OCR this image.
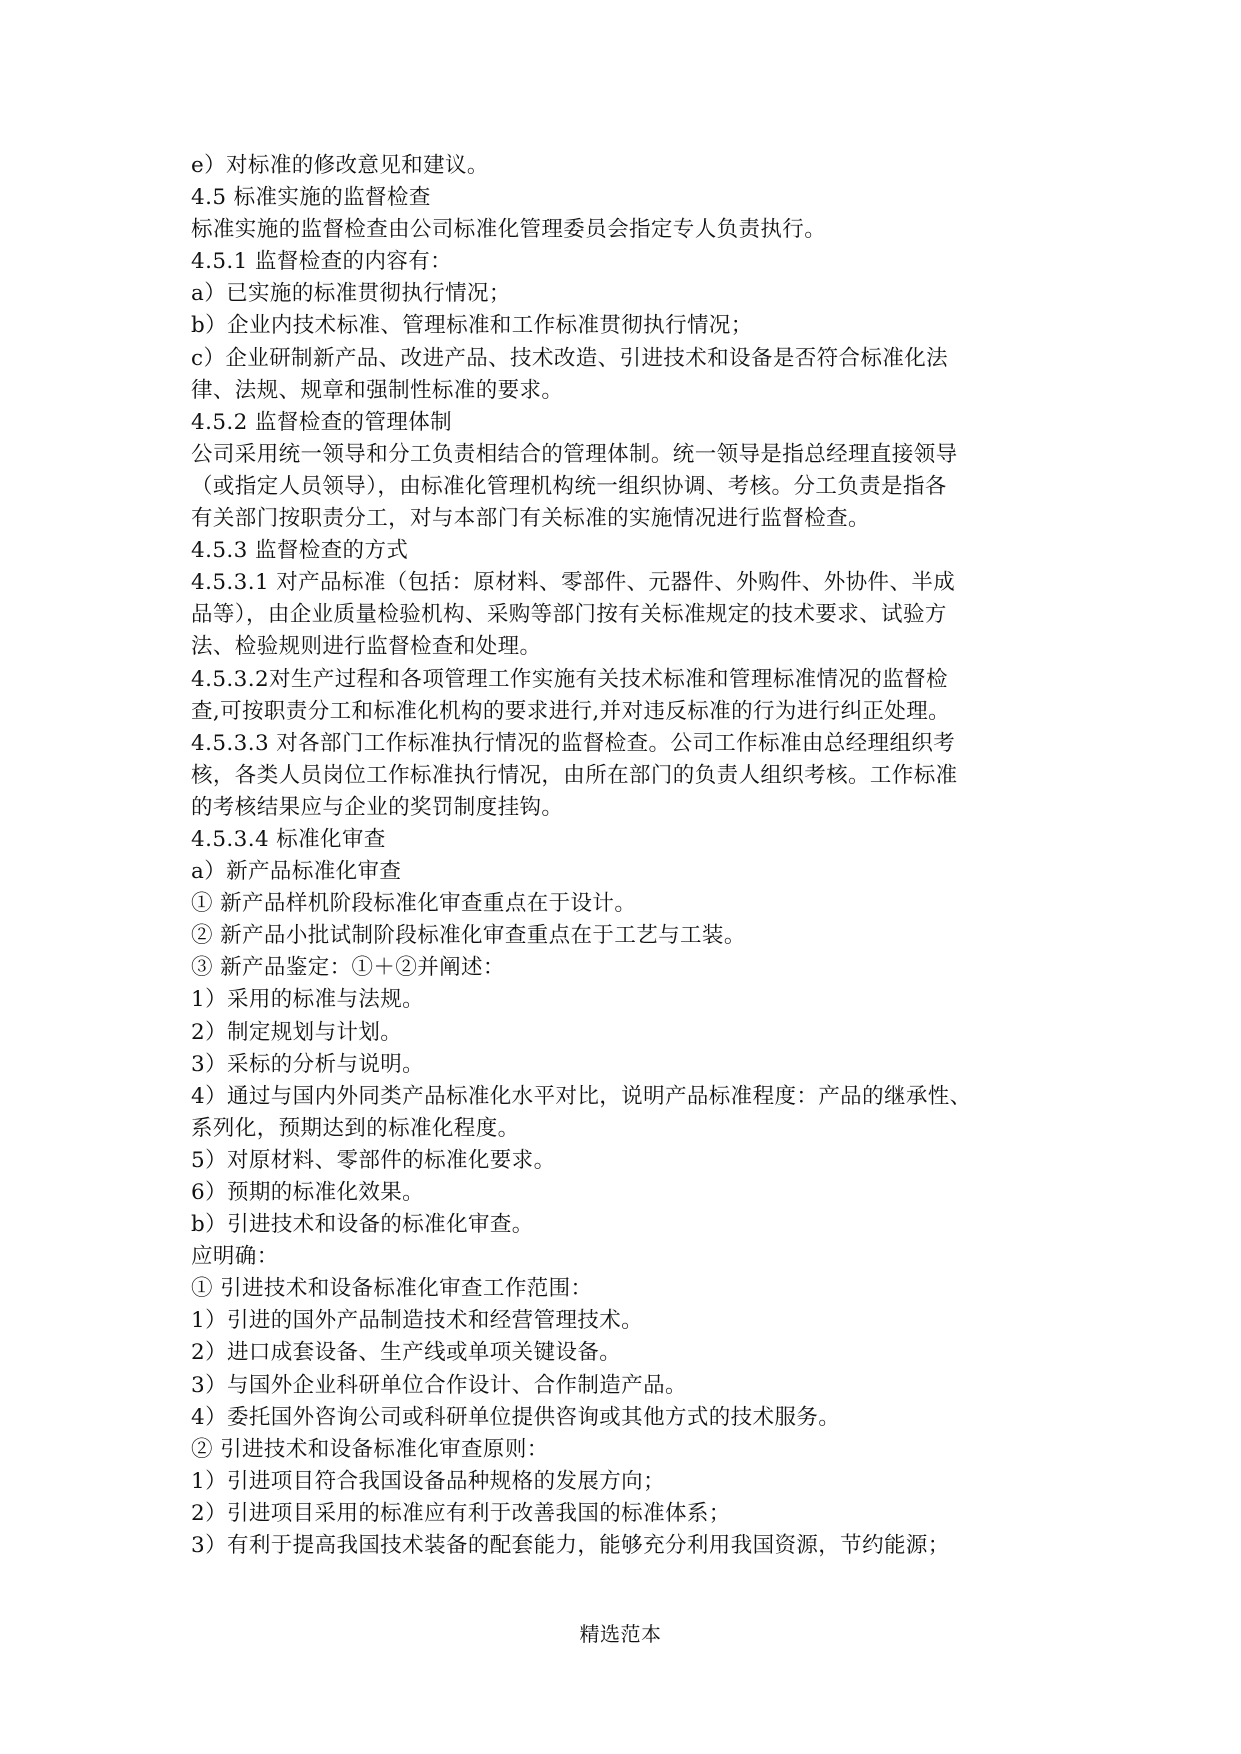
e）对标准的修改意见和建议。
4.5 标准实施的监督检查
标准实施的监督检查由公司标准化管理委员会指定专人负责执行。
4.5.1 监督检查的内容有：
a）已实施的标准贯彻执行情况；
b）企业内技术标准、管理标准和工作标准贯彻执行情况；
c）企业研制新产品、改进产品、技术改造、引进技术和设备是否符合标准化法
律、法规、规章和强制性标准的要求。
4.5.2 监督检查的管理体制
公司采用统一领导和分工负责相结合的管理体制。统一领导是指总经理直接领导
（或指定人员领导），由标准化管理机构统一组织协调、考核。分工负责是指各
有关部门按职责分工，对与本部门有关标准的实施情况进行监督检查。
4.5.3 监督检查的方式
4.5.3.1 对产品标准（包括：原材料、零部件、元器件、外购件、外协件、半成
品等），由企业质量检验机构、采购等部门按有关标准规定的技术要求、试验方
法、检验规则进行监督检查和处理。
4.5.3.2对生产过程和各项管理工作实施有关技术标准和管理标准情况的监督检
查,可按职责分工和标准化机构的要求进行,并对违反标准的行为进行纠正处理。
4.5.3.3 对各部门工作标准执行情况的监督检查。公司工作标准由总经理组织考
核，各类人员岗位工作标准执行情况，由所在部门的负责人组织考核。工作标准
的考核结果应与企业的奖罚制度挂钩。
4.5.3.4 标准化审查
a）新产品标准化审查
① 新产品样机阶段标准化审查重点在于设计。
② 新产品小批试制阶段标准化审查重点在于工艺与工装。
③ 新产品鉴定：①＋②并阐述：
1）采用的标准与法规。
2）制定规划与计划。
3）采标的分析与说明。
4）通过与国内外同类产品标准化水平对比，说明产品标准程度：产品的继承性、
系列化，预期达到的标准化程度。
5）对原材料、零部件的标准化要求。
6）预期的标准化效果。
b）引进技术和设备的标准化审查。
应明确：
① 引进技术和设备标准化审查工作范围：
1）引进的国外产品制造技术和经营管理技术。
2）进口成套设备、生产线或单项关键设备。
3）与国外企业科研单位合作设计、合作制造产品。
4）委托国外咨询公司或科研单位提供咨询或其他方式的技术服务。
② 引进技术和设备标准化审查原则：
1）引进项目符合我国设备品种规格的发展方向；
2）引进项目采用的标准应有利于改善我国的标准体系；
3）有利于提高我国技术装备的配套能力，能够充分利用我国资源，节约能源；
精选范本
